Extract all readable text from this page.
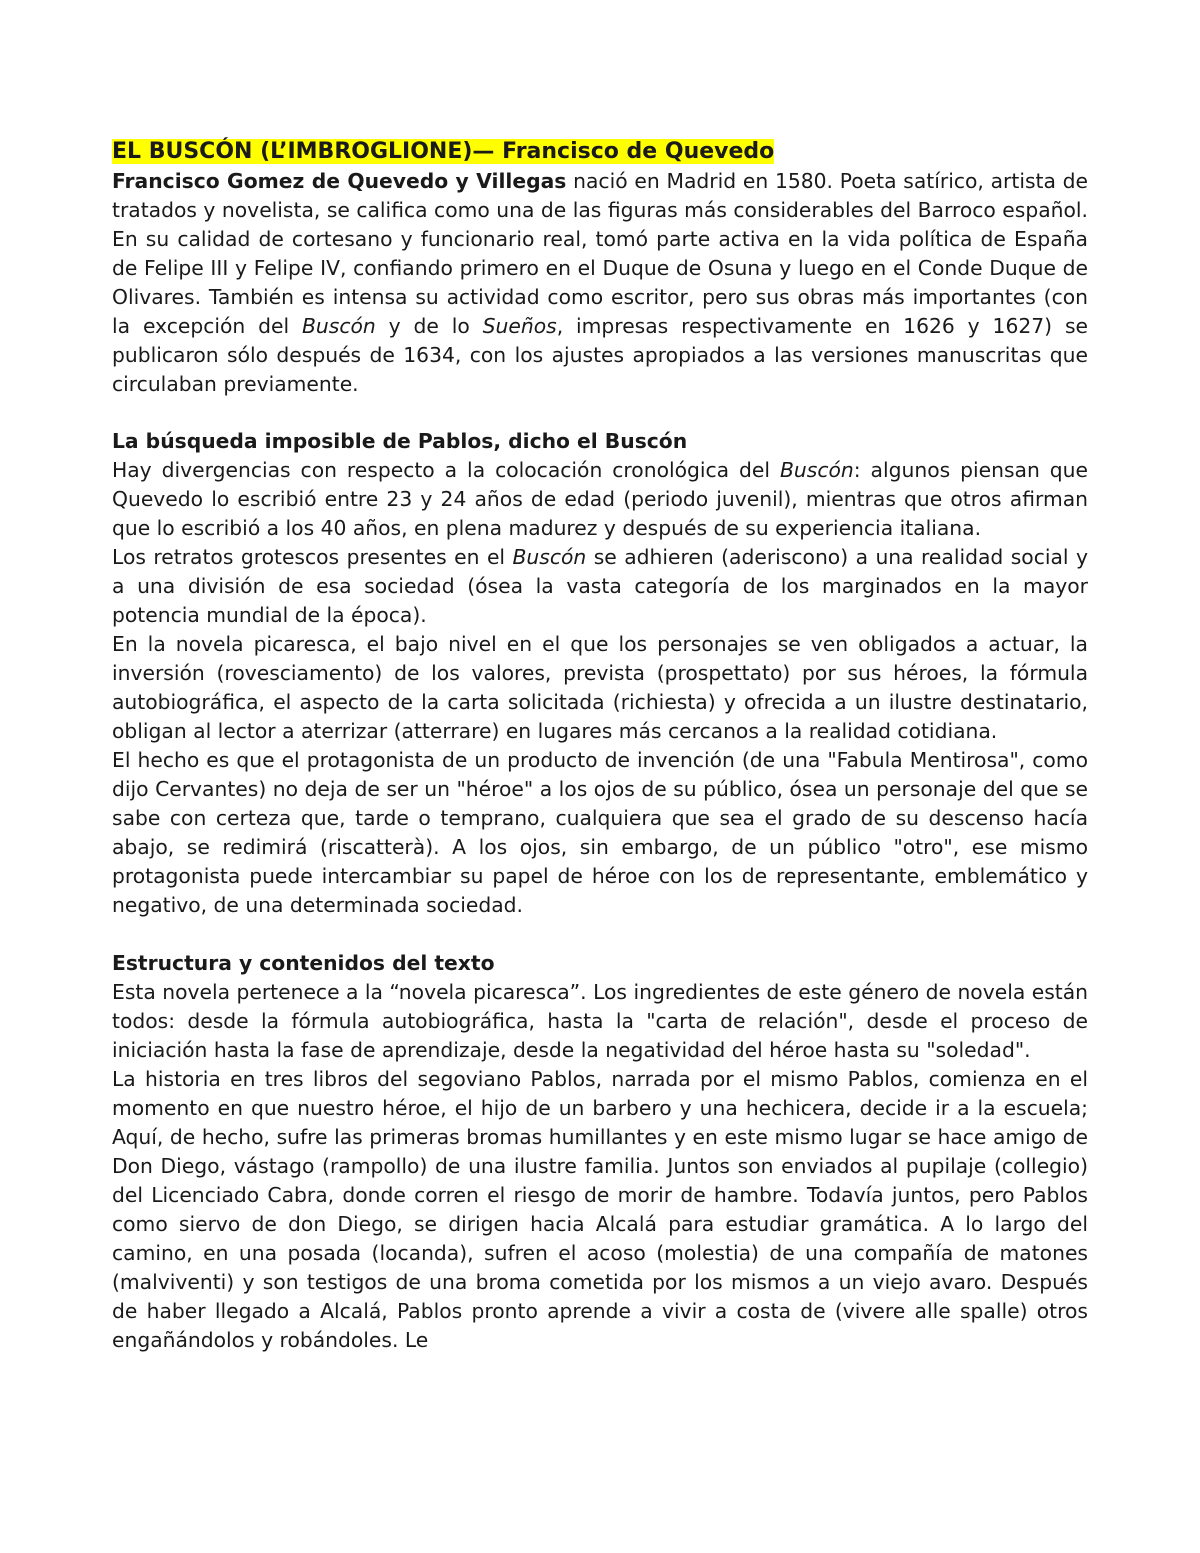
EL BUSCÓN (L’IMBROGLIONE)— Francisco de Quevedo

Francisco Gomez de Quevedo y Villegas nació en Madrid en 1580. Poeta satírico, artista de tratados y novelista, se califica como una de las figuras más considerables del Barroco español. En su calidad de cortesano y funcionario real, tomó parte activa en la vida política de España de Felipe III y Felipe IV, confiando primero en el Duque de Osuna y luego en el Conde Duque de Olivares. También es intensa su actividad como escritor, pero sus obras más importantes (con la excepción del Buscón y de lo Sueños, impresas respectivamente en 1626 y 1627) se publicaron sólo después de 1634, con los ajustes apropiados a las versiones manuscritas que circulaban previamente.

La búsqueda imposible de Pablos, dicho el Buscón

Hay divergencias con respecto a la colocación cronológica del Buscón: algunos piensan que Quevedo lo escribió entre 23 y 24 años de edad (periodo juvenil), mientras que otros afirman que lo escribió a los 40 años, en plena madurez y después de su experiencia italiana.

Los retratos grotescos presentes en el Buscón se adhieren (aderiscono) a una realidad social y a una división de esa sociedad (ósea la vasta categoría de los marginados en la mayor potencia mundial de la época).

En la novela picaresca, el bajo nivel en el que los personajes se ven obligados a actuar, la inversión (rovesciamento) de los valores, prevista (prospettato) por sus héroes, la fórmula autobiográfica, el aspecto de la carta solicitada (richiesta) y ofrecida a un ilustre destinatario, obligan al lector a aterrizar (atterrare) en lugares más cercanos a la realidad cotidiana.

El hecho es que el protagonista de un producto de invención (de una "Fabula Mentirosa", como dijo Cervantes) no deja de ser un "héroe" a los ojos de su público, ósea un personaje del que se sabe con certeza que, tarde o temprano, cualquiera que sea el grado de su descenso hacía abajo, se redimirá (riscatterà). A los ojos, sin embargo, de un público "otro", ese mismo protagonista puede intercambiar su papel de héroe con los de representante, emblemático y negativo, de una determinada sociedad.

Estructura y contenidos del texto

Esta novela pertenece a la “novela picaresca”. Los ingredientes de este género de novela están todos: desde la fórmula autobiográfica, hasta la "carta de relación", desde el proceso de iniciación hasta la fase de aprendizaje, desde la negatividad del héroe hasta su "soledad".

La historia en tres libros del segoviano Pablos, narrada por el mismo Pablos, comienza en el momento en que nuestro héroe, el hijo de un barbero y una hechicera, decide ir a la escuela; Aquí, de hecho, sufre las primeras bromas humillantes y en este mismo lugar se hace amigo de Don Diego, vástago (rampollo) de una ilustre familia. Juntos son enviados al pupilaje (collegio) del Licenciado Cabra, donde corren el riesgo de morir de hambre. Todavía juntos, pero Pablos como siervo de don Diego, se dirigen hacia Alcalá para estudiar gramática. A lo largo del camino, en una posada (locanda), sufren el acoso (molestia) de una compañía de matones (malviventi) y son testigos de una broma cometida por los mismos a un viejo avaro. Después de haber llegado a Alcalá, Pablos pronto aprende a vivir a costa de (vivere alle spalle) otros engañándolos y robándoles. Le
